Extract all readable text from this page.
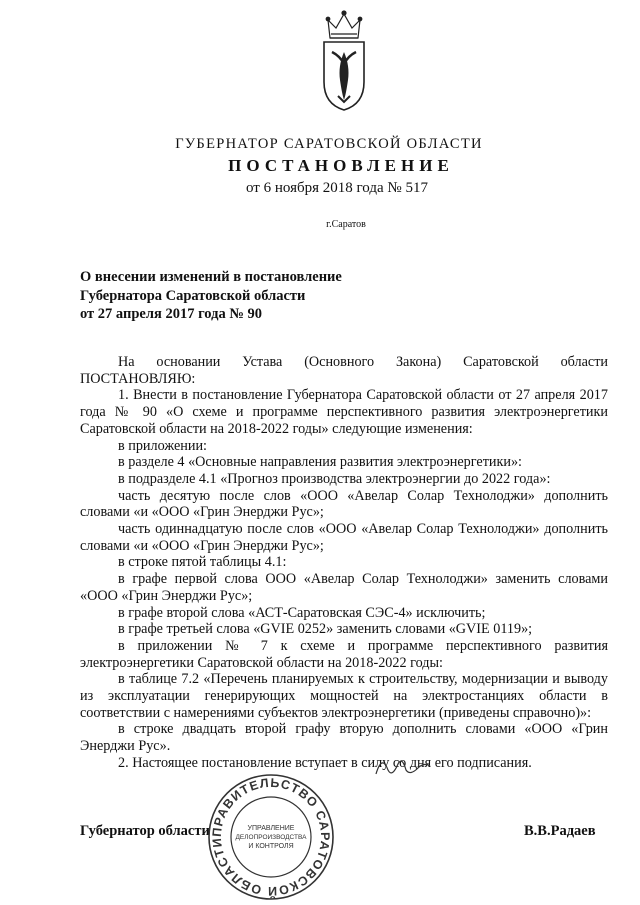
ГУБЕРНАТОР САРАТОВСКОЙ ОБЛАСТИ
ПОСТАНОВЛЕНИЕ
от 6 ноября 2018 года № 517
г.Саратов
О внесении изменений в постановление
Губернатора Саратовской области
от 27 апреля 2017 года № 90

На основании Устава (Основного Закона) Саратовской области ПОСТАНОВЛЯЮ:

1. Внести в постановление Губернатора Саратовской области от 27 апреля 2017 года № 90 «О схеме и программе перспективного развития электроэнергетики Саратовской области на 2018-2022 годы» следующие изменения:

в приложении:

в разделе 4 «Основные направления развития электроэнергетики»:

в подразделе 4.1 «Прогноз производства электроэнергии до 2022 года»:

часть десятую после слов «ООО «Авелар Солар Технолоджи» дополнить словами «и «ООО «Грин Энерджи Рус»;

часть одиннадцатую после слов «ООО «Авелар Солар Технолоджи» дополнить словами «и «ООО «Грин Энерджи Рус»;

в строке пятой таблицы 4.1:

в графе первой слова ООО «Авелар Солар Технолоджи» заменить словами «ООО «Грин Энерджи Рус»;

в графе второй слова «АСТ-Саратовская СЭС-4» исключить;

в графе третьей слова «GVIE 0252» заменить словами «GVIE 0119»;

в приложении № 7 к схеме и программе перспективного развития электроэнергетики Саратовской области на 2018-2022 годы:

в таблице 7.2 «Перечень планируемых к строительству, модернизации и выводу из эксплуатации генерирующих мощностей на электростанциях области в соответствии с намерениями субъектов электроэнергетики (приведены справочно)»:

в строке двадцать второй графу вторую дополнить словами «ООО «Грин Энерджи Рус».

2. Настоящее постановление вступает в силу со дня его подписания.

Губернатор области	В.В.Радаев
ПРАВИТЕЛЬСТВО САРАТОВСКОЙ ОБЛАСТИ
УПРАВЛЕНИЕ
ДЕЛОПРОИЗВОДСТВА
И КОНТРОЛЯ
